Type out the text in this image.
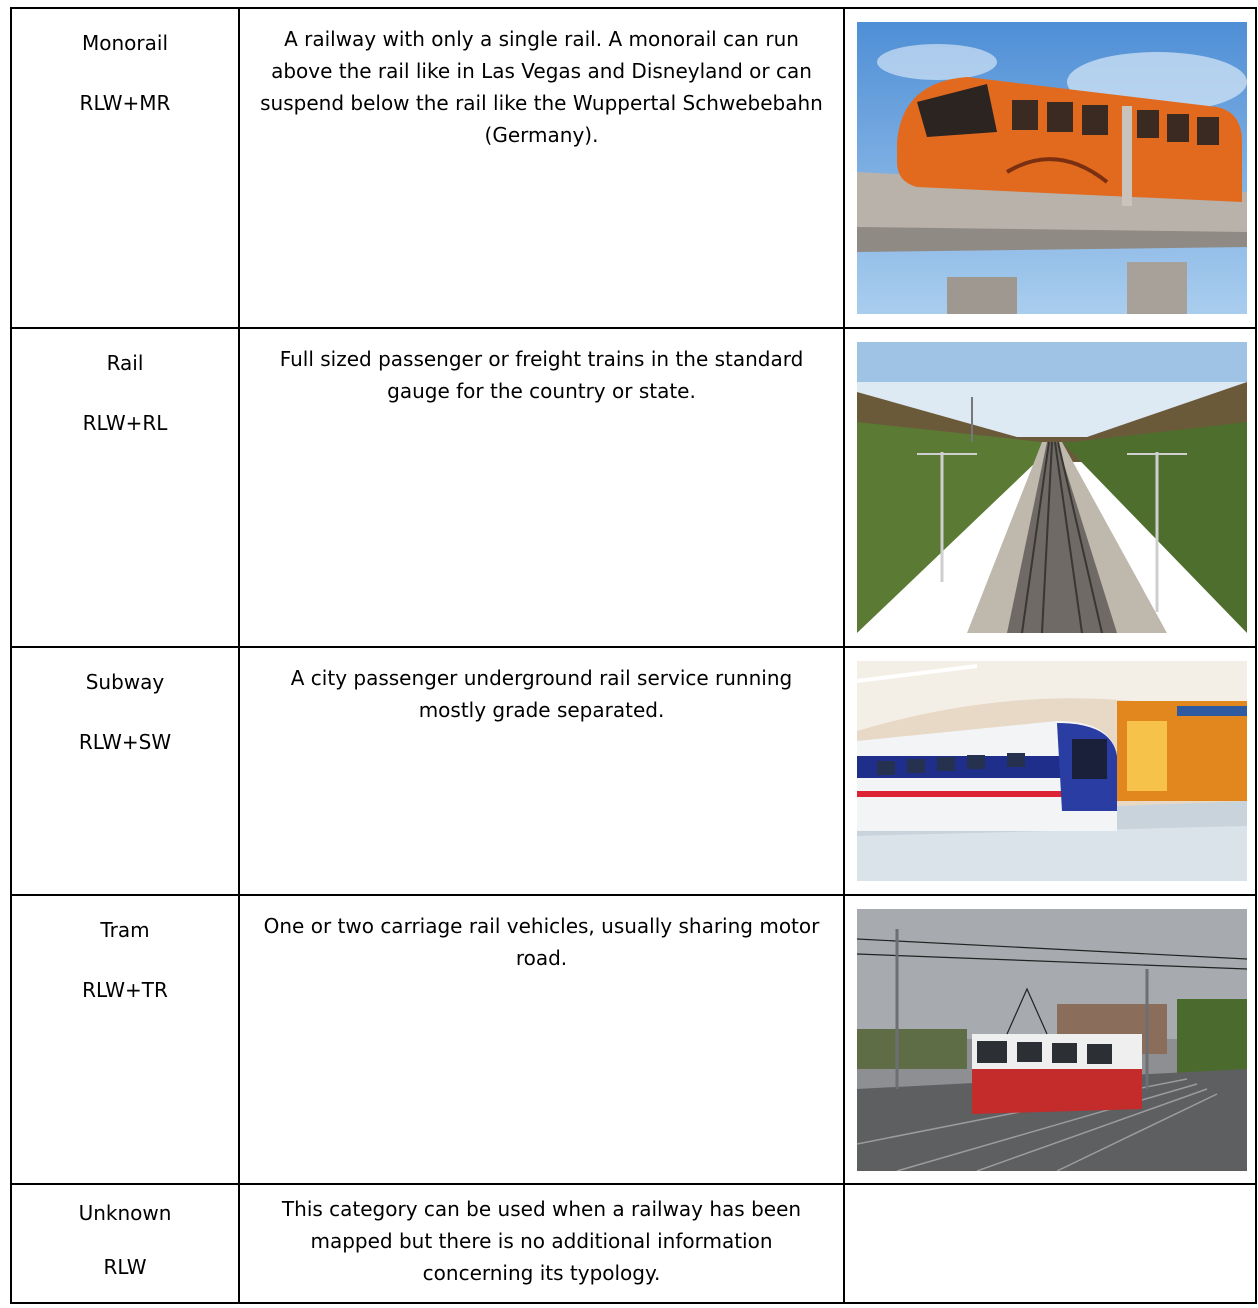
Monorail
RLW+MR	A railway with only a single rail. A monorail can run above the rail like in Las Vegas and Disneyland or can suspend below the rail like the Wuppertal Schwebebahn (Germany).	

Rail
RLW+RL	Full sized passenger or freight trains in the standard gauge for the country or state.	

Subway
RLW+SW	A city passenger underground rail service running mostly grade separated.	

Tram
RLW+TR	One or two carriage rail vehicles, usually sharing motor road.	

Unknown
RLW	This category can be used when a railway has been mapped but there is no additional information concerning its typology.	
